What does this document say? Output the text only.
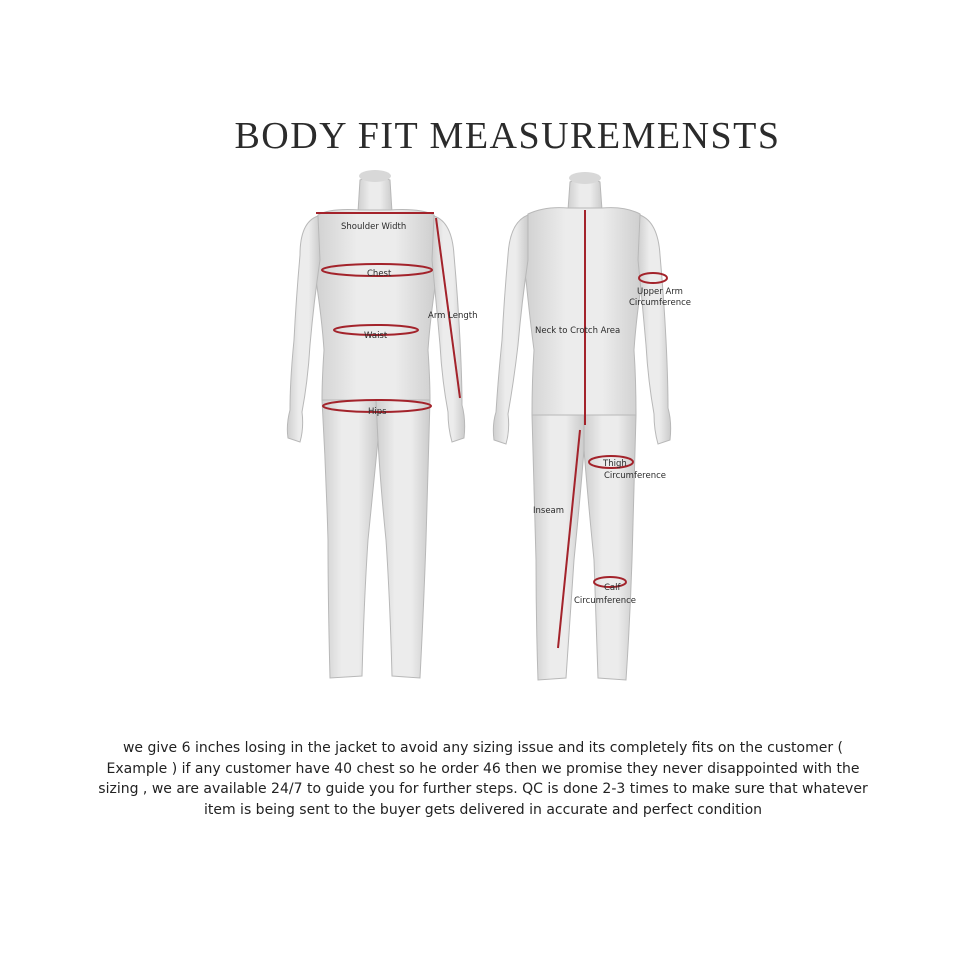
BODY FIT MEASUREMENSTS
Shoulder Width
Chest
Arm Length
Waist
Hips
Upper Arm
Circumference
Neck to Crotch Area
Thigh
Circumference
Inseam
Calf
Circumference
we give 6 inches losing in the jacket to avoid any sizing issue and its completely fits on the customer ( Example ) if any customer have 40 chest so he order 46 then we promise they never disappointed with the sizing , we are available 24/7 to guide you for further steps. QC is done 2-3 times to make sure that whatever item is being sent to the buyer gets delivered in accurate and perfect condition
